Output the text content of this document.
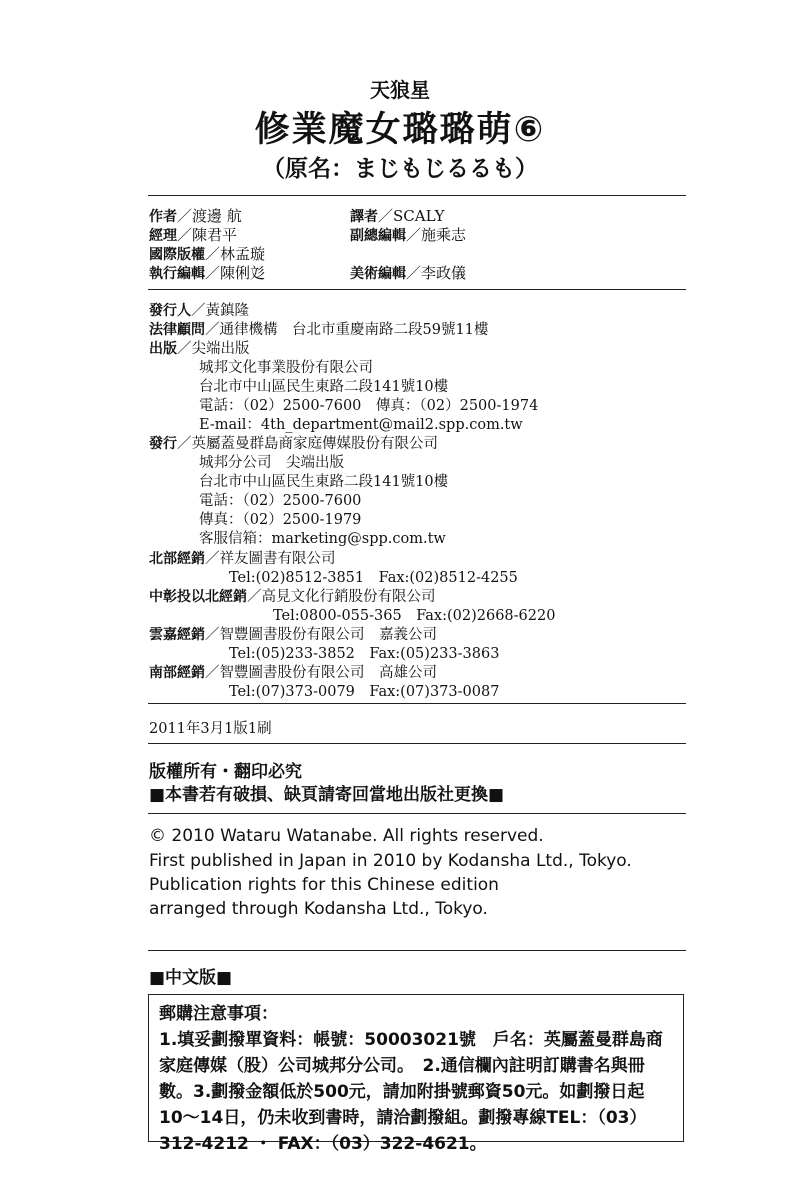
天狼星
修業魔女璐璐萌⑥
（原名：まじもじるるも）
作者／渡邊 航	譯者／SCALY
經理／陳君平	副總編輯／施乘志
國際版權／林孟璇
執行編輯／陳俐彣	美術編輯／李政儀
發行人／黃鎮隆
法律顧問／通律機構　台北市重慶南路二段59號11樓
出版／尖端出版
城邦文化事業股份有限公司
台北市中山區民生東路二段141號10樓
電話：（02）2500-7600　傳真：（02）2500-1974
E-mail：4th_department@mail2.spp.com.tw
發行／英屬蓋曼群島商家庭傳媒股份有限公司
城邦分公司　尖端出版
台北市中山區民生東路二段141號10樓
電話：（02）2500-7600
傳真：（02）2500-1979
客服信箱：marketing@spp.com.tw
北部經銷／祥友圖書有限公司
Tel:(02)8512-3851　Fax:(02)8512-4255
中彰投以北經銷／高見文化行銷股份有限公司
Tel:0800-055-365　Fax:(02)2668-6220
雲嘉經銷／智豐圖書股份有限公司　嘉義公司
Tel:(05)233-3852　Fax:(05)233-3863
南部經銷／智豐圖書股份有限公司　高雄公司
Tel:(07)373-0079　Fax:(07)373-0087
2011年3月1版1刷
版權所有・翻印必究
■本書若有破損、缺頁請寄回當地出版社更換■
© 2010 Wataru Watanabe. All rights reserved.
First published in Japan in 2010 by Kodansha Ltd., Tokyo.
Publication rights for this Chinese edition
arranged through Kodansha Ltd., Tokyo.
■中文版■
郵購注意事項：
1.填妥劃撥單資料：帳號：50003021號　戶名：英屬蓋曼群島商
家庭傳媒（股）公司城邦分公司。　2.通信欄內註明訂購書名與冊
數。3.劃撥金額低於500元，請加附掛號郵資50元。如劃撥日起
10～14日，仍未收到書時，請洽劃撥組。劃撥專線TEL：（03）
312-4212 ・ FAX：（03）322-4621。
